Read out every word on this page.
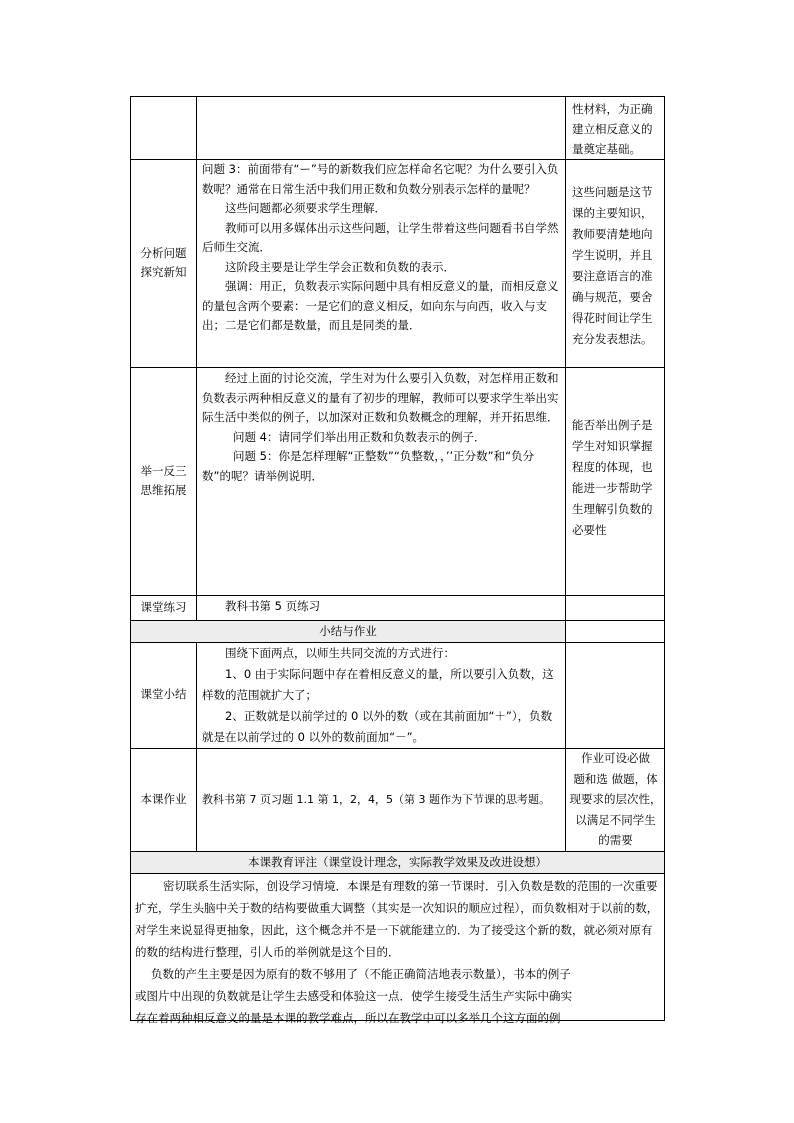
性材料，为正确

建立相反意义的

量奠定基础。

分析问题探究新知

问题 3：前面带有“ー”号的新数我们应怎样命名它呢？为什么要引入负数呢？通常在日常生活中我们用正数和负数分别表示怎样的量呢？

这些问题都必须要求学生理解．

教师可以用多媒体出示这些问题，让学生带着这些问题看书自学然后师生交流．

这阶段主要是让学生学会正数和负数的表示．

强调：用正，负数表示实际问题中具有相反意义的量，而相反意义的量包含两个要素：一是它们的意义相反，如向东与向西，收入与支出；二是它们都是数量，而且是同类的量．

这些问题是这节课的主要知识，教师要清楚地向学生说明，并且要注意语言的准确与规范，要舍得花时间让学生充分发表想法。

举一反三思维拓展

经过上面的讨论交流，学生对为什么要引入负数，对怎样用正数和负数表示两种相反意义的量有了初步的理解，教师可以要求学生举出实际生活中类似的例子，以加深对正数和负数概念的理解，并开拓思维．

问题 4：请同学们举出用正数和负数表示的例子．

问题 5：你是怎样理解“正整数”“负整数，，’’正分数”和“负分数”的呢？请举例说明．

能否举出例子是学生对知识掌握程度的体现，也能进一步帮助学生理解引负数的必要性

课堂练习	教科书第 5 页练习

小结与作业
课堂小结

围绕下面两点，以师生共同交流的方式进行：

1、0 由于实际问题中存在着相反意义的量，所以要引入负数，这样数的范围就扩大了；

2、正数就是以前学过的 0 以外的数（或在其前面加“＋”），负数就是在以前学过的 0 以外的数前面加“－”。

本课作业	教科书第 7 页习题 1.1 第 1，2，4，5（第 3 题作为下节课的思考题。

作业可设必做

题和选 做题，体

现要求的层次性，

以满足不同学生

的需要

本课教育评注（课堂设计理念，实际教学效果及改进设想）

密切联系生活实际，创设学习情境．本课是有理数的第一节课时．引入负数是数的范围的一次重要扩充，学生头脑中关于数的结构要做重大调整（其实是一次知识的顺应过程），而负数相对于以前的数，对学生来说显得更抽象，因此，这个概念并不是一下就能建立的．为了接受这个新的数，就必须对原有的数的结构进行整理，引人币的举例就是这个目的．

负数的产生主要是因为原有的数不够用了（不能正确简洁地表示数量），书本的例子

或图片中出现的负数就是让学生去感受和体验这一点．使学生接受生活生产实际中确实

存在着两种相反意义的量是本课的教学难点，所以在教学中可以多举几个这方面的例
